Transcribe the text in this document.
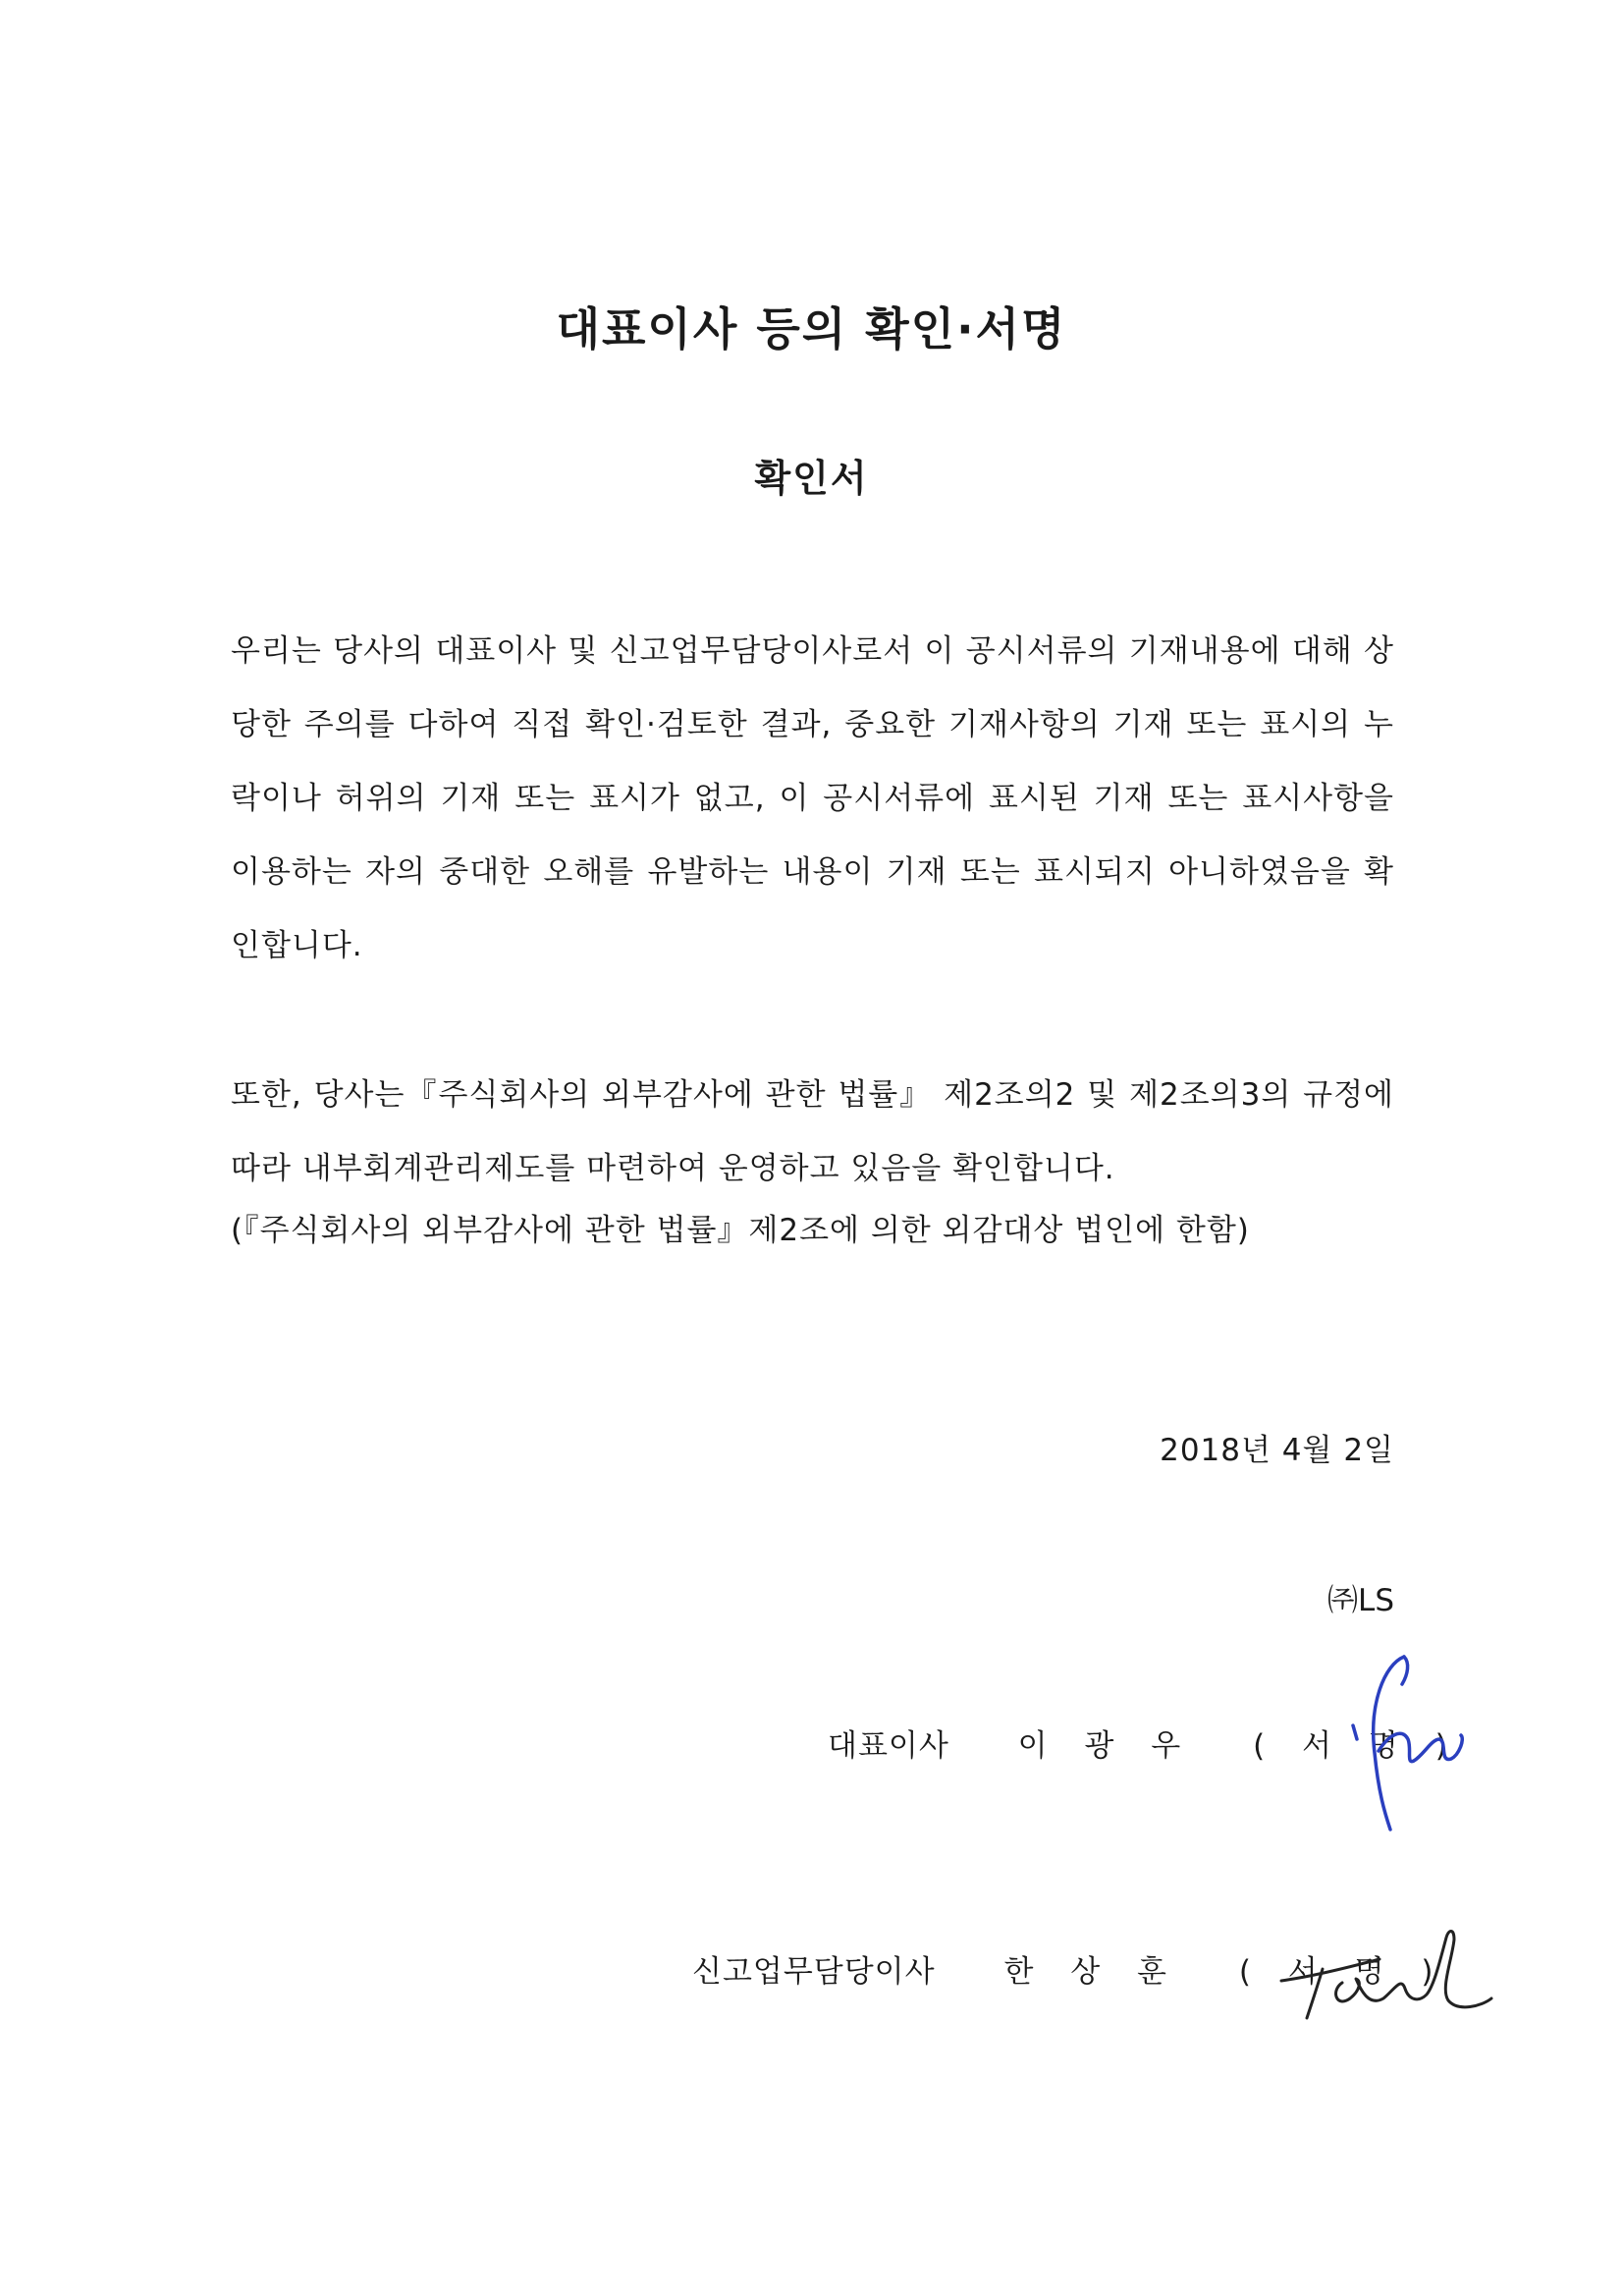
대표이사 등의 확인·서명
확인서
우리는 당사의 대표이사 및 신고업무담당이사로서 이 공시서류의 기재내용에 대해 상당한 주의를 다하여 직접 확인·검토한 결과, 중요한 기재사항의 기재 또는 표시의 누락이나 허위의 기재 또는 표시가 없고, 이 공시서류에 표시된 기재 또는 표시사항을 이용하는 자의 중대한 오해를 유발하는 내용이 기재 또는 표시되지 아니하였음을 확인합니다.
또한, 당사는『주식회사의 외부감사에 관한 법률』 제2조의2 및 제2조의3의 규정에 따라 내부회계관리제도를 마련하여 운영하고 있음을 확인합니다.
(『주식회사의 외부감사에 관한 법률』제2조에 의한 외감대상 법인에 한함)
2018년 4월 2일
㈜LS
대표이사 이 광 우 ( 서 명 )
신고업무담당이사 한 상 훈 ( 서 명 )
